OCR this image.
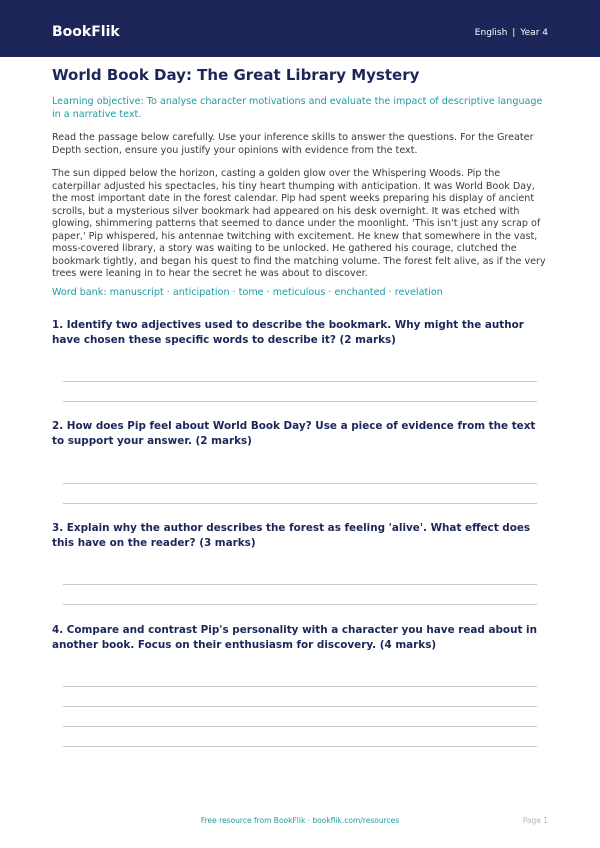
BookFlik	English | Year 4
World Book Day: The Great Library Mystery
Learning objective: To analyse character motivations and evaluate the impact of descriptive language in a narrative text.
Read the passage below carefully. Use your inference skills to answer the questions. For the Greater Depth section, ensure you justify your opinions with evidence from the text.
The sun dipped below the horizon, casting a golden glow over the Whispering Woods. Pip the caterpillar adjusted his spectacles, his tiny heart thumping with anticipation. It was World Book Day, the most important date in the forest calendar. Pip had spent weeks preparing his display of ancient scrolls, but a mysterious silver bookmark had appeared on his desk overnight. It was etched with glowing, shimmering patterns that seemed to dance under the moonlight. 'This isn't just any scrap of paper,' Pip whispered, his antennae twitching with excitement. He knew that somewhere in the vast, moss-covered library, a story was waiting to be unlocked. He gathered his courage, clutched the bookmark tightly, and began his quest to find the matching volume. The forest felt alive, as if the very trees were leaning in to hear the secret he was about to discover.
Word bank: manuscript · anticipation · tome · meticulous · enchanted · revelation
1. Identify two adjectives used to describe the bookmark. Why might the author have chosen these specific words to describe it? (2 marks)
2. How does Pip feel about World Book Day? Use a piece of evidence from the text to support your answer. (2 marks)
3. Explain why the author describes the forest as feeling 'alive'. What effect does this have on the reader? (3 marks)
4. Compare and contrast Pip's personality with a character you have read about in another book. Focus on their enthusiasm for discovery. (4 marks)
Free resource from BookFlik · bookflik.com/resources	Page 1
